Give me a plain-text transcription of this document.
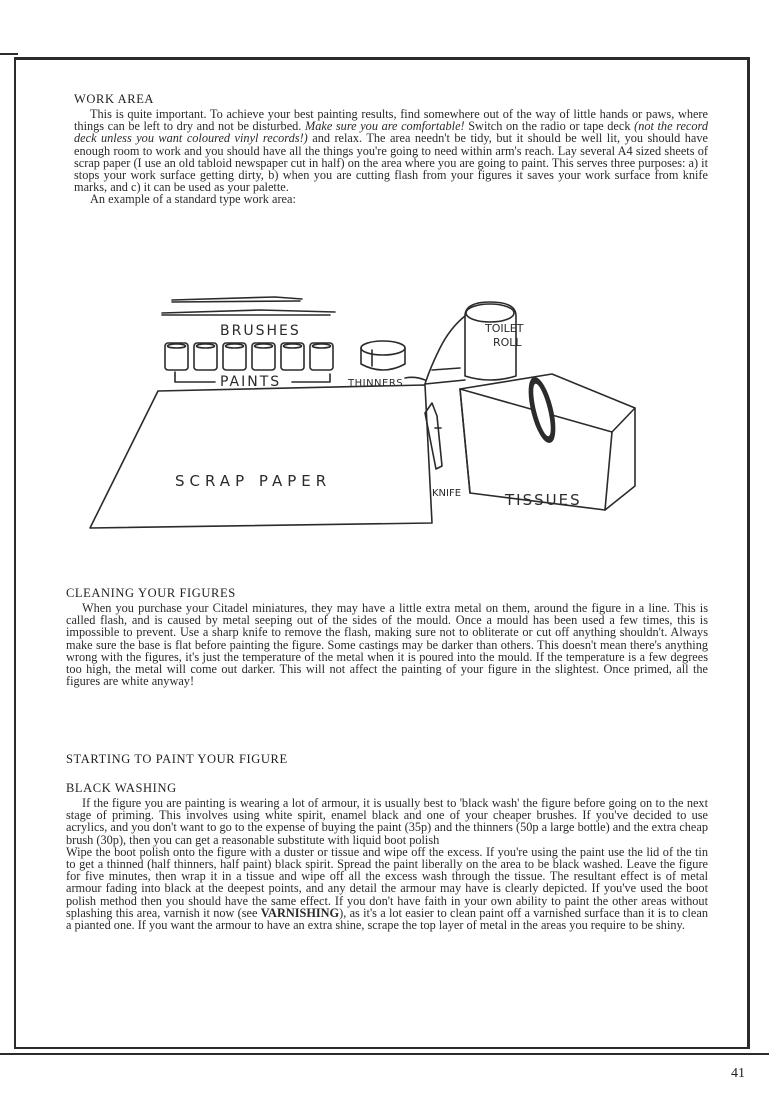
WORK AREA

This is quite important. To achieve your best painting results, find somewhere out of the way of little hands or paws, where things can be left to dry and not be disturbed. Make sure you are comfortable! Switch on the radio or tape deck (not the record deck unless you want coloured vinyl records!) and relax. The area needn't be tidy, but it should be well lit, you should have enough room to work and you should have all the things you're going to need within arm's reach. Lay several A4 sized sheets of scrap paper (I use an old tabloid newspaper cut in half) on the area where you are going to paint. This serves three purposes: a) it stops your work surface getting dirty, b) when you are cutting flash from your figures it saves your work surface from knife marks, and c) it can be used as your palette.

An example of a standard type work area:

BRUSHES
PAINTS	THINNERS
TOILET
ROLL
SCRAP PAPER
KNIFE	TISSUES
CLEANING YOUR FIGURES

When you purchase your Citadel miniatures, they may have a little extra metal on them, around the figure in a line. This is called flash, and is caused by metal seeping out of the sides of the mould. Once a mould has been used a few times, this is impossible to prevent. Use a sharp knife to remove the flash, making sure not to obliterate or cut off anything shouldn't. Always make sure the base is flat before painting the figure. Some castings may be darker than others. This doesn't mean there's anything wrong with the figures, it's just the temperature of the metal when it is poured into the mould. If the temperature is a few degrees too high, the metal will come out darker. This will not affect the painting of your figure in the slightest. Once primed, all the figures are white anyway!

STARTING TO PAINT YOUR FIGURE
BLACK WASHING

If the figure you are painting is wearing a lot of armour, it is usually best to 'black wash' the figure before going on to the next stage of priming. This involves using white spirit, enamel black and one of your cheaper brushes. If you've decided to use acrylics, and you don't want to go to the expense of buying the paint (35p) and the thinners (50p a large bottle) and the extra cheap brush (30p), then you can get a reasonable substitute with liquid boot polish

Wipe the boot polish onto the figure with a duster or tissue and wipe off the excess. If you're using the paint use the lid of the tin to get a thinned (half thinners, half paint) black spirit. Spread the paint liberally on the area to be black washed. Leave the figure for five minutes, then wrap it in a tissue and wipe off all the excess wash through the tissue. The resultant effect is of metal armour fading into black at the deepest points, and any detail the armour may have is clearly depicted. If you've used the boot polish method then you should have the same effect. If you don't have faith in your own ability to paint the other areas without splashing this area, varnish it now (see VARNISHING), as it's a lot easier to clean paint off a varnished surface than it is to clean a pianted one. If you want the armour to have an extra shine, scrape the top layer of metal in the areas you require to be shiny.

41
